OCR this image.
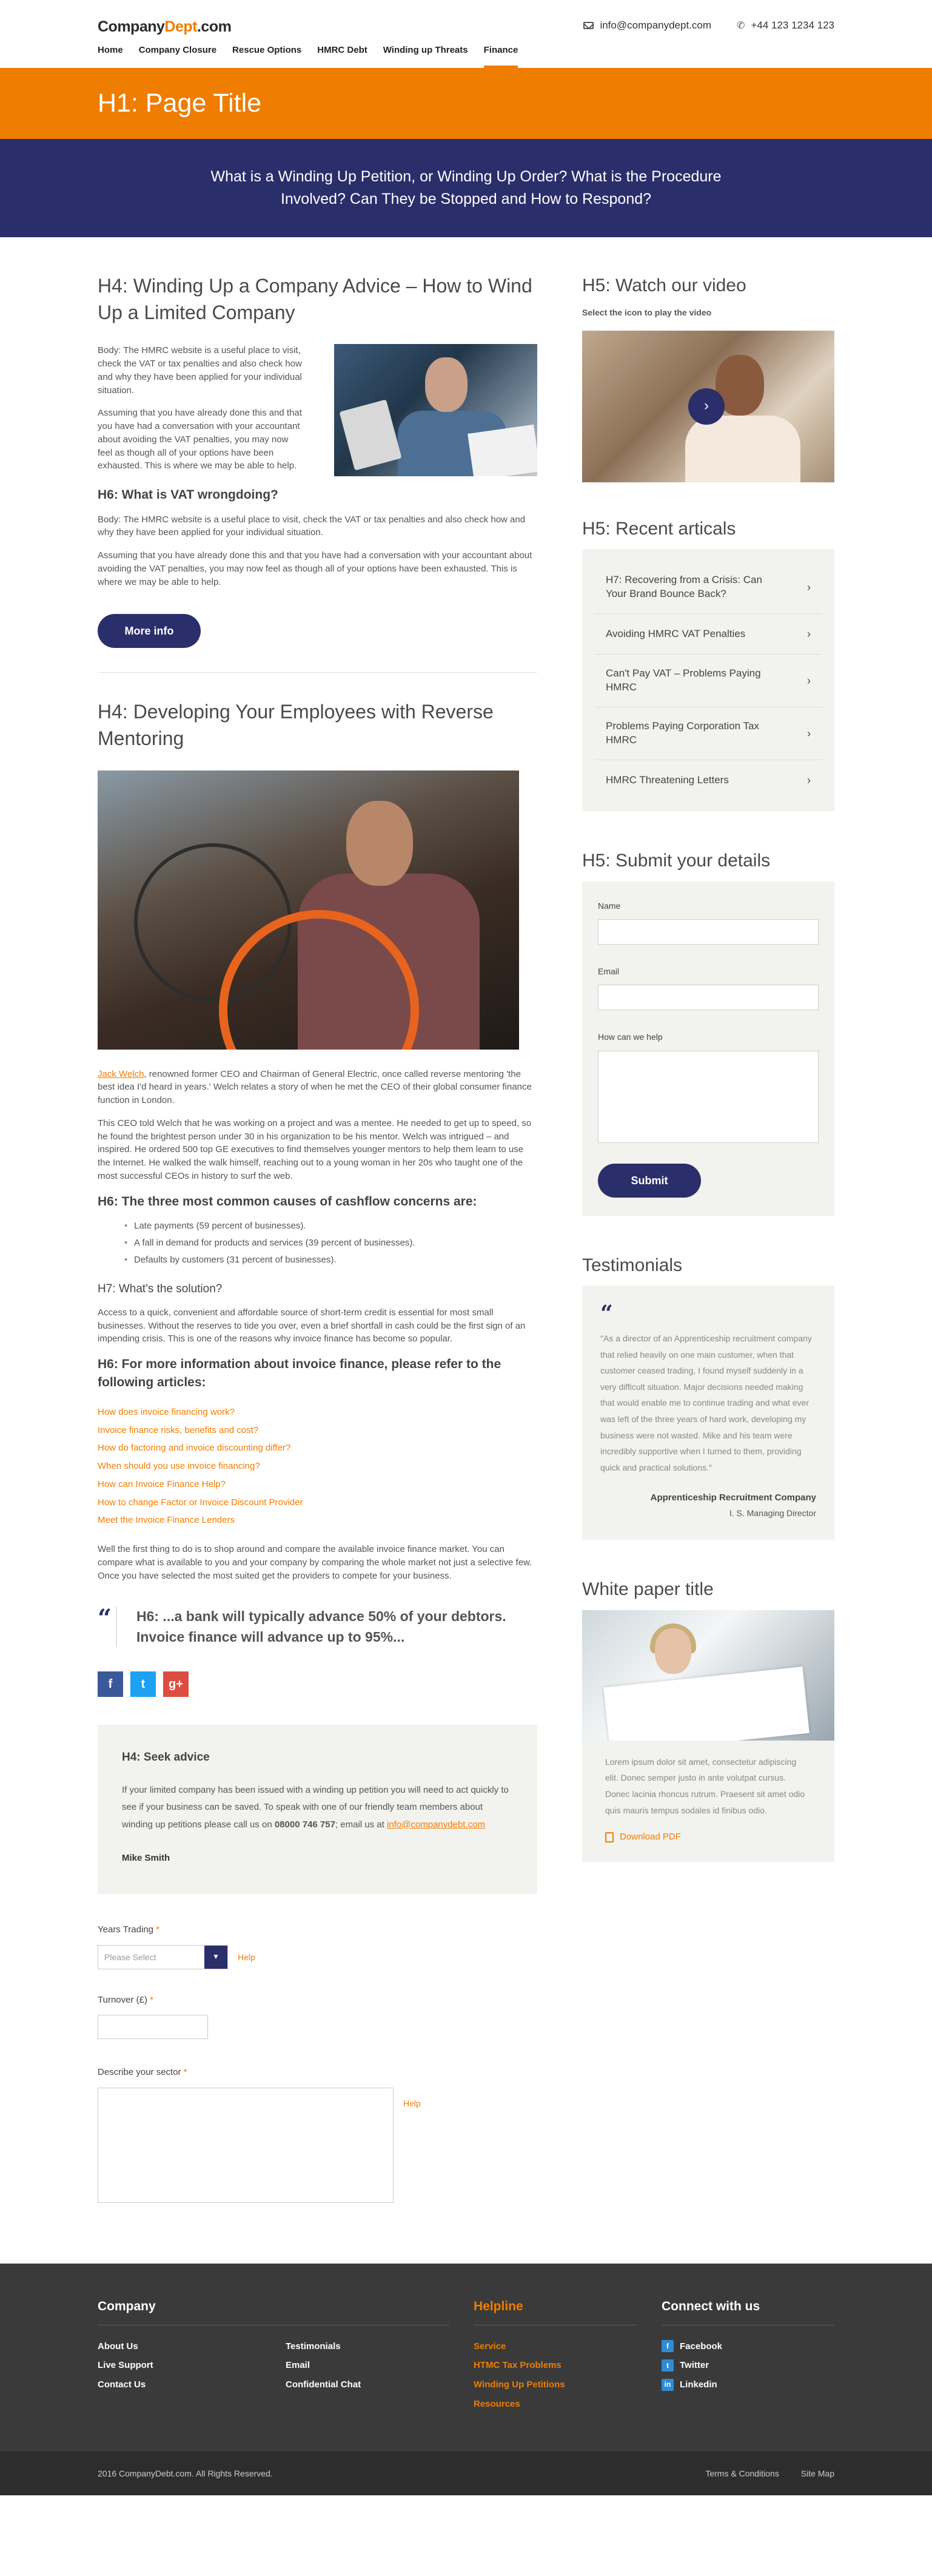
CompanyDept.com	info@companydept.com	✆ +44 123 1234 123
Home Company Closure Rescue Options HMRC Debt Winding up Threats Finance
H1: Page Title

What is a Winding Up Petition, or Winding Up Order? What is the Procedure Involved? Can They be Stopped and How to Respond?

H4: Winding Up a Company Advice – How to Wind Up a Limited Company

Body: The HMRC website is a useful place to visit, check the VAT or tax penalties and also check how and why they have been applied for your individual situation.

Assuming that you have already done this and that you have had a conversation with your accountant about avoiding the VAT penalties, you may now feel as though all of your options have been exhausted. This is where we may be able to help.

H6: What is VAT wrongdoing?

Body: The HMRC website is a useful place to visit, check the VAT or tax penalties and also check how and why they have been applied for your individual situation.

Assuming that you have already done this and that you have had a conversation with your accountant about avoiding the VAT penalties, you may now feel as though all of your options have been exhausted. This is where we may be able to help.

More info
H4: Developing Your Employees with Reverse Mentoring

Jack Welch, renowned former CEO and Chairman of General Electric, once called reverse mentoring 'the best idea I'd heard in years.' Welch relates a story of when he met the CEO of their global consumer finance function in London.

This CEO told Welch that he was working on a project and was a mentee. He needed to get up to speed, so he found the brightest person under 30 in his organization to be his mentor. Welch was intrigued – and inspired. He ordered 500 top GE executives to find themselves younger mentors to help them learn to use the Internet. He walked the walk himself, reaching out to a young woman in her 20s who taught one of the most successful CEOs in history to surf the web.

H6: The three most common causes of cashflow concerns are:
• Late payments (59 percent of businesses).
• A fall in demand for products and services (39 percent of businesses).
• Defaults by customers (31 percent of businesses).
H7: What's the solution?

Access to a quick, convenient and affordable source of short-term credit is essential for most small businesses. Without the reserves to tide you over, even a brief shortfall in cash could be the first sign of an impending crisis. This is one of the reasons why invoice finance has become so popular.

H6: For more information about invoice finance, please refer to the following articles:
How does invoice financing work?
Invoice finance risks, benefits and cost?
How do factoring and invoice discounting differ?
When should you use invoice financing?
How can Invoice Finance Help?
How to change Factor or Invoice Discount Provider
Meet the Invoice Finance Lenders

Well the first thing to do is to shop around and compare the available invoice finance market. You can compare what is available to you and your company by comparing the whole market not just a selective few. Once you have selected the most suited get the providers to compete for your business.

“	H6: ...a bank will typically advance 50% of your debtors. Invoice finance will advance up to 95%...
f	t	g+
H4: Seek advice

If your limited company has been issued with a winding up petition you will need to act quickly to see if your business can be saved. To speak with one of our friendly team members about winding up petitions please call us on 08000 746 757; email us at info@companydebt.com

Mike Smith
Years Trading *
Please Select	▼	Help
Turnover (£) *
Describe your sector *
Help
H5: Watch our video

Select the icon to play the video

›
H5: Recent articals
H7: Recovering from a Crisis: Can Your Brand Bounce Back?
›
Avoiding HMRC VAT Penalties	›
Can't Pay VAT – Problems Paying HMRC
›
Problems Paying Corporation Tax HMRC
›
HMRC Threatening Letters	›
H5: Submit your details
Name
Email
How can we help
Submit
Testimonials
“

"As a director of an Apprenticeship recruitment company that relied heavily on one main customer, when that customer ceased trading, I found myself suddenly in a very difficult situation. Major decisions needed making that would enable me to continue trading and what ever was left of the three years of hard work, developing my business were not wasted. Mike and his team were incredibly supportive when I turned to them, providing quick and practical solutions."

Apprenticeship Recruitment Company
I. S. Managing Director
White paper title

Lorem ipsum dolor sit amet, consectetur adipiscing elit. Donec semper justo in ante volutpat cursus. Donec lacinia rhoncus rutrum. Praesent sit amet odio quis mauris tempus sodales id finibus odio.

Download PDF
Company
About Us
Live Support
Contact Us
Testimonials
Email
Confidential Chat
Helpline
Service
HTMC Tax Problems
Winding Up Petitions
Resources
Connect with us
f	Facebook
t	Twitter
in Linkedin
2016 CompanyDebt.com. All Rights Reserved.	Terms & Conditions	Site Map
